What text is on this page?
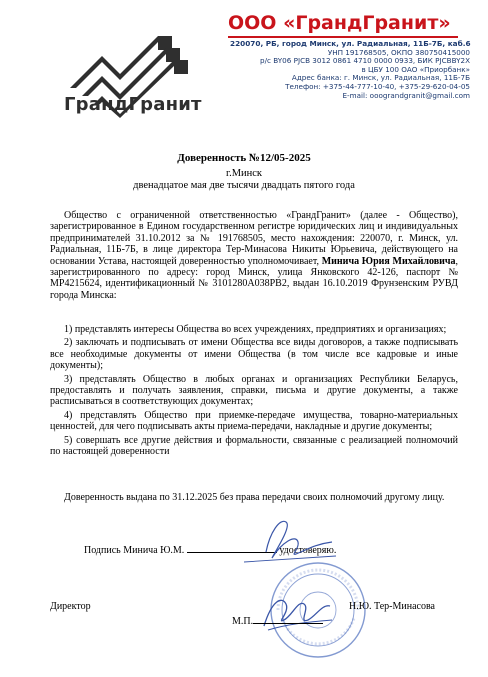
ГрандГранит
ООО «ГрандГранит»
220070, РБ, город Минск, ул. Радиальная, 11Б-7Б, каб.6
УНП 191768505, ОКПО 380750415000
р/с BY06 PJCB 3012 0861 4710 0000 0933, БИК PJCBBY2X
в ЦБУ 100 ОАО «Приорбанк»
Адрес банка: г. Минск, ул. Радиальная, 11Б-7Б
Телефон: +375-44-777-10-40, +375-29-620-04-05
E-mail: ooograndgranit@gmail.com
Доверенность №12/05-2025
г.Минск
двенадцатое мая две тысячи двадцать пятого года
Общество с ограниченной ответственностью «ГрандГранит» (далее - Общество), зарегистрированное в Едином государственном регистре юридических лиц и индивидуальных предпринимателей 31.10.2012 за № 191768505, место нахождения: 220070, г. Минск, ул. Радиальная, 11Б-7Б, в лице директора Тер-Минасова Никиты Юрьевича, действующего на основании Устава, настоящей доверенностью уполномочивает, Минича Юрия Михайловича, зарегистрированного по адресу: город Минск, улица Янковского 42-126, паспорт № МР4215624, идентификационный № 3101280А038РВ2, выдан 16.10.2019 Фрунзенским РУВД города Минска:

1) представлять интересы Общества во всех учреждениях, предприятиях и организациях;

2) заключать и подписывать от имени Общества все виды договоров, а также подписывать все необходимые документы от имени Общества (в том числе все кадровые и иные документы);

3) представлять Общество в любых органах и организациях Республики Беларусь, предоставлять и получать заявления, справки, письма и другие документы, а также расписываться в соответствующих документах;

4) представлять Общество при приемке-передаче имущества, товарно-материальных ценностей, для чего подписывать акты приема-передачи, накладные и другие документы;

5) совершать все другие действия и формальности, связанные с реализацией полномочий по настоящей доверенности

Доверенность выдана по 31.12.2025 без права передачи своих полномочий другому лицу.
Подпись Минича Ю.М.	удостоверяю.
Директор
М.П.
Н.Ю. Тер-Минасова
